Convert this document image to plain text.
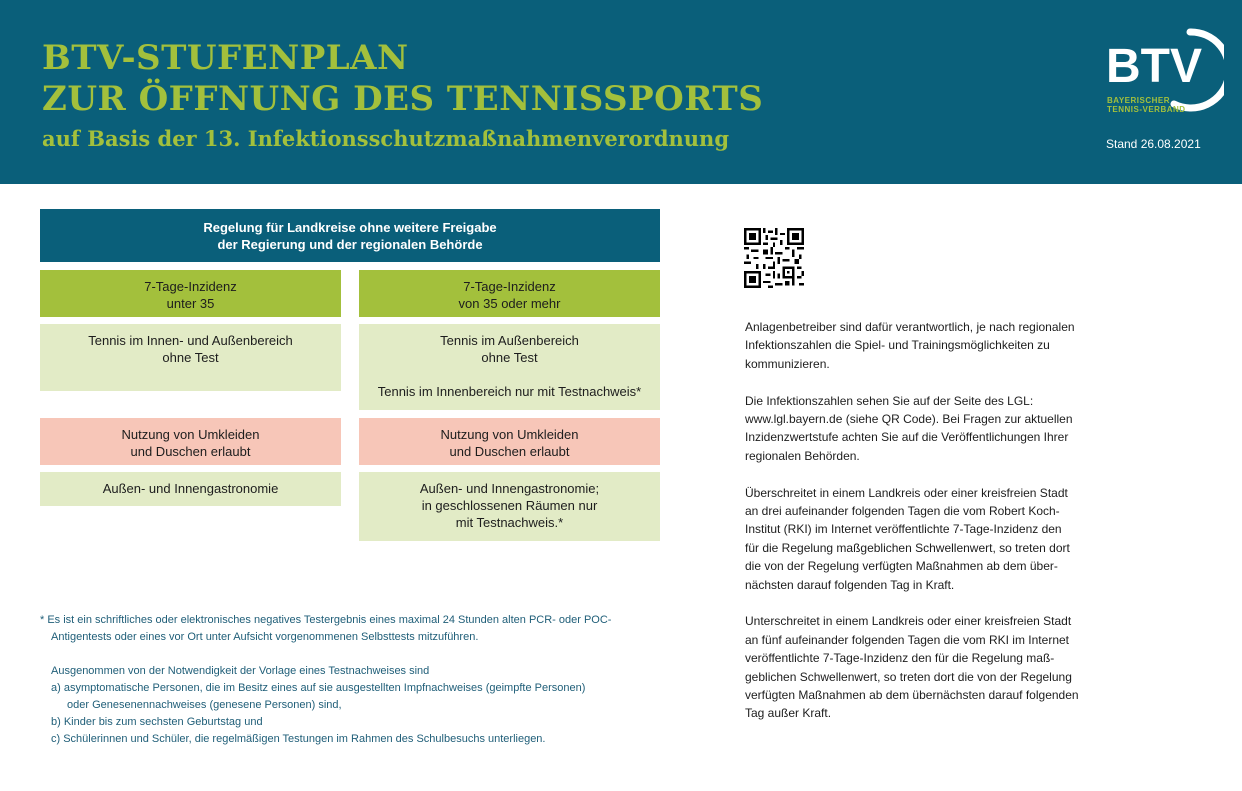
BTV-STUFENPLAN
ZUR ÖFFNUNG DES TENNISSPORTS
auf Basis der 13. Infektionsschutzmaßnahmenverordnung
BTV
BAYERISCHER
TENNIS-VERBAND
Stand 26.08.2021
Regelung für Landkreise ohne weitere Freigabe
der Regierung und der regionalen Behörde
7-Tage-Inzidenz
unter 35
Tennis im Innen- und Außenbereich
ohne Test
Nutzung von Umkleiden
und Duschen erlaubt
Außen- und Innengastronomie
7-Tage-Inzidenz
von 35 oder mehr
Tennis im Außenbereich
ohne Test
Tennis im Innenbereich nur mit Testnachweis*
Nutzung von Umkleiden
und Duschen erlaubt
Außen- und Innengastronomie;
in geschlossenen Räumen nur
mit Testnachweis.*
* Es ist ein schriftliches oder elektronisches negatives Testergebnis eines maximal 24 Stunden alten PCR- oder POC-
Antigentests oder eines vor Ort unter Aufsicht vorgenommenen Selbsttests mitzuführen.
Ausgenommen von der Notwendigkeit der Vorlage eines Testnachweises sind
a) asymptomatische Personen, die im Besitz eines auf sie ausgestellten Impfnachweises (geimpfte Personen)
oder Genesenennachweises (genesene Personen) sind,
b) Kinder bis zum sechsten Geburtstag und
c) Schülerinnen und Schüler, die regelmäßigen Testungen im Rahmen des Schulbesuchs unterliegen.

Anlagenbetreiber sind dafür verantwortlich, je nach regionalen
Infektionszahlen die Spiel- und Trainingsmöglichkeiten zu
kommunizieren.

Die Infektionszahlen sehen Sie auf der Seite des LGL:
www.lgl.bayern.de (siehe QR Code). Bei Fragen zur aktuellen
Inzidenzwertstufe achten Sie auf die Veröffentlichungen Ihrer
regionalen Behörden.

Überschreitet in einem Landkreis oder einer kreisfreien Stadt
an drei aufeinander folgenden Tagen die vom Robert Koch-
Institut (RKI) im Internet veröffentlichte 7-Tage-Inzidenz den
für die Regelung maßgeblichen Schwellenwert, so treten dort
die von der Regelung verfügten Maßnahmen ab dem über-
nächsten darauf folgenden Tag in Kraft.

Unterschreitet in einem Landkreis oder einer kreisfreien Stadt
an fünf aufeinander folgenden Tagen die vom RKI im Internet
veröffentlichte 7-Tage-Inzidenz den für die Regelung maß-
geblichen Schwellenwert, so treten dort die von der Regelung
verfügten Maßnahmen ab dem übernächsten darauf folgenden
Tag außer Kraft.
